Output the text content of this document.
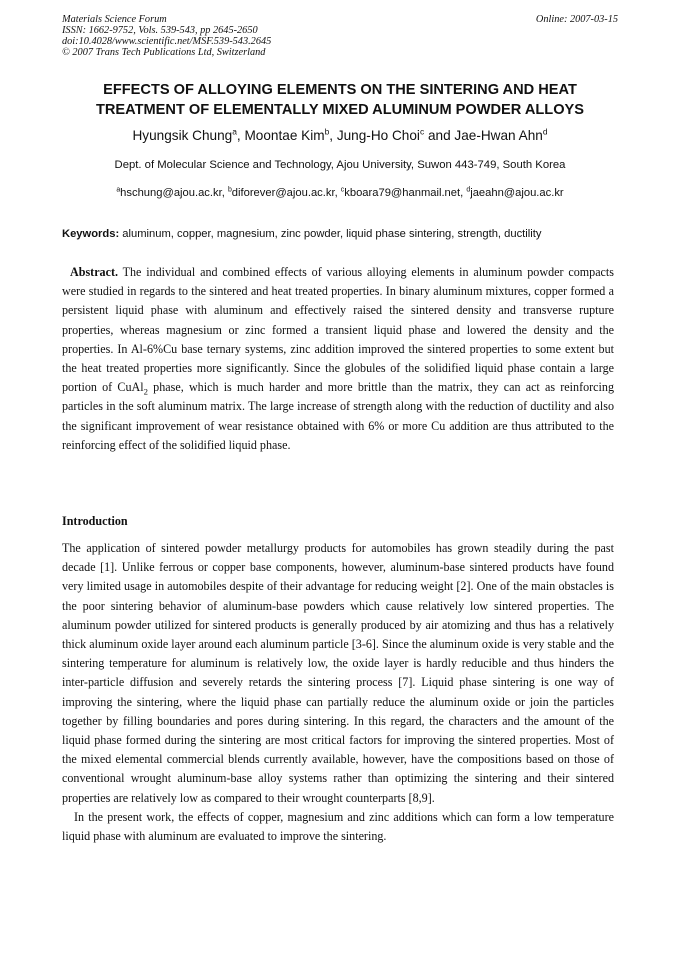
Materials Science Forum	Online: 2007-03-15
ISSN: 1662-9752, Vols. 539-543, pp 2645-2650
doi:10.4028/www.scientific.net/MSF.539-543.2645
© 2007 Trans Tech Publications Ltd, Switzerland
EFFECTS OF ALLOYING ELEMENTS ON THE SINTERING AND HEAT
TREATMENT OF ELEMENTALLY MIXED ALUMINUM POWDER ALLOYS
Hyungsik Chung$^a$, Moontae Kim$^b$, Jung-Ho Choi$^c$ and Jae-Hwan Ahn$^d$
Dept. of Molecular Science and Technology, Ajou University, Suwon 443-749, South Korea
$^a$hschung@ajou.ac.kr, $^b$diforever@ajou.ac.kr, $^c$kboara79@hanmail.net, $^d$jaeahn@ajou.ac.kr
Keywords: aluminum, copper, magnesium, zinc powder, liquid phase sintering, strength, ductility
Abstract. The individual and combined effects of various alloying elements in aluminum powder compacts were studied in regards to the sintered and heat treated properties. In binary aluminum mixtures, copper formed a persistent liquid phase with aluminum and effectively raised the sintered density and transverse rupture properties, whereas magnesium or zinc formed a transient liquid phase and lowered the density and the properties. In Al-6%Cu base ternary systems, zinc addition improved the sintered properties to some extent but the heat treated properties more significantly. Since the globules of the solidified liquid phase contain a large portion of CuAl$_2$ phase, which is much harder and more brittle than the matrix, they can act as reinforcing particles in the soft aluminum matrix. The large increase of strength along with the reduction of ductility and also the significant improvement of wear resistance obtained with 6% or more Cu addition are thus attributed to the reinforcing effect of the solidified liquid phase.
Introduction

The application of sintered powder metallurgy products for automobiles has grown steadily during the past decade [1]. Unlike ferrous or copper base components, however, aluminum-base sintered products have found very limited usage in automobiles despite of their advantage for reducing weight [2]. One of the main obstacles is the poor sintering behavior of aluminum-base powders which cause relatively low sintered properties. The aluminum powder utilized for sintered products is generally produced by air atomizing and thus has a relatively thick aluminum oxide layer around each aluminum particle [3-6]. Since the aluminum oxide is very stable and the sintering temperature for aluminum is relatively low, the oxide layer is hardly reducible and thus hinders the inter-particle diffusion and severely retards the sintering process [7]. Liquid phase sintering is one way of improving the sintering, where the liquid phase can partially reduce the aluminum oxide or join the particles together by filling boundaries and pores during sintering. In this regard, the characters and the amount of the liquid phase formed during the sintering are most critical factors for improving the sintered properties. Most of the mixed elemental commercial blends currently available, however, have the compositions based on those of conventional wrought aluminum-base alloy systems rather than optimizing the sintering and their sintered properties are relatively low as compared to their wrought counterparts [8,9].

In the present work, the effects of copper, magnesium and zinc additions which can form a low temperature liquid phase with aluminum are evaluated to improve the sintering.
